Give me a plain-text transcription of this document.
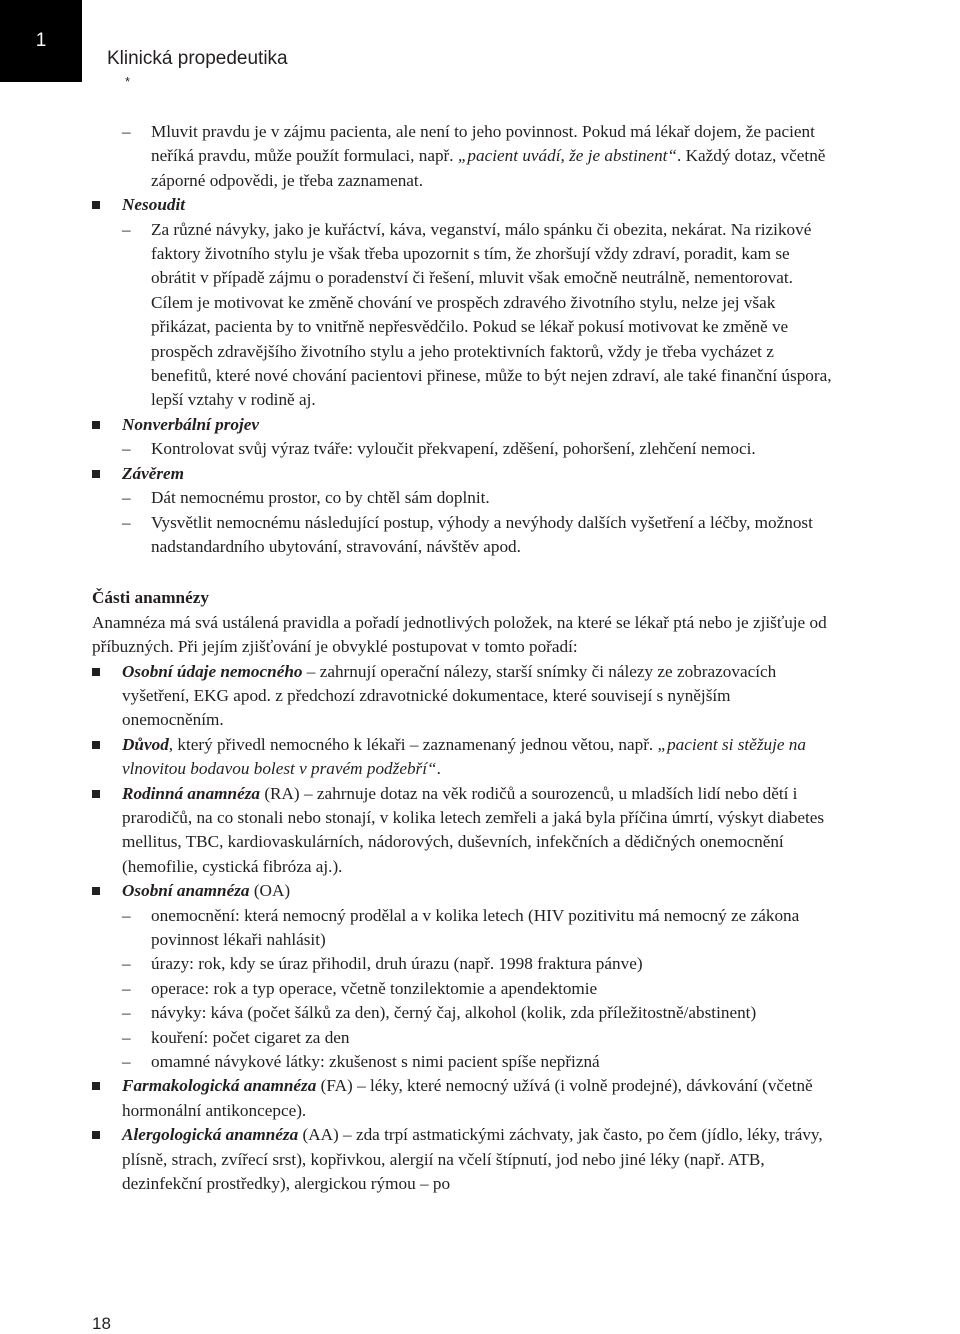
1
Klinická propedeutika
*
– Mluvit pravdu je v zájmu pacienta, ale není to jeho povinnost. Pokud má lékař dojem, že pacient neříká pravdu, může použít formulaci, např. „pacient uvádí, že je abstinent“. Každý dotaz, včetně záporné odpovědi, je třeba zaznamenat.

Nesoudit

– Za různé návyky, jako je kuřáctví, káva, veganství, málo spánku či obezita, nekárat. Na rizikové faktory životního stylu je však třeba upozornit s tím, že zhoršují vždy zdraví, poradit, kam se obrátit v případě zájmu o poradenství či řešení, mluvit však emočně neutrálně, nementorovat. Cílem je motivovat ke změně chování ve prospěch zdravého životního stylu, nelze jej však přikázat, pacienta by to vnitřně nepřesvědčilo. Pokud se lékař pokusí motivovat ke změně ve prospěch zdravějšího životního stylu a jeho protektivních faktorů, vždy je třeba vycházet z benefitů, které nové chování pacientovi přinese, může to být nejen zdraví, ale také finanční úspora, lepší vztahy v rodině aj.

Nonverbální projev

– Kontrolovat svůj výraz tváře: vyloučit překvapení, zděšení, pohoršení, zlehčení nemoci.

Závěrem

– Dát nemocnému prostor, co by chtěl sám doplnit.

– Vysvětlit nemocnému následující postup, výhody a nevýhody dalších vyšetření a léčby, možnost nadstandardního ubytování, stravování, návštěv apod.

Části anamnézy

Anamnéza má svá ustálená pravidla a pořadí jednotlivých položek, na které se lékař ptá nebo je zjišťuje od příbuzných. Při jejím zjišťování je obvyklé postupovat v tomto pořadí:

Osobní údaje nemocného – zahrnují operační nálezy, starší snímky či nálezy ze zobrazovacích vyšetření, EKG apod. z předchozí zdravotnické dokumentace, které souvisejí s nynějším onemocněním.

Důvod, který přivedl nemocného k lékaři – zaznamenaný jednou větou, např. „pacient si stěžuje na vlnovitou bodavou bolest v pravém podžebří“.

Rodinná anamnéza (RA) – zahrnuje dotaz na věk rodičů a sourozenců, u mladších lidí nebo dětí i prarodičů, na co stonali nebo stonají, v kolika letech zemřeli a jaká byla příčina úmrtí, výskyt diabetes mellitus, TBC, kardiovaskulárních, nádorových, duševních, infekčních a dědičných onemocnění (hemofilie, cystická fibróza aj.).

Osobní anamnéza (OA)

– onemocnění: která nemocný prodělal a v kolika letech (HIV pozitivitu má nemocný ze zákona povinnost lékaři nahlásit)

– úrazy: rok, kdy se úraz přihodil, druh úrazu (např. 1998 fraktura pánve)

– operace: rok a typ operace, včetně tonzilektomie a apendektomie

– návyky: káva (počet šálků za den), černý čaj, alkohol (kolik, zda příležitostně/abstinent)

– kouření: počet cigaret za den

– omamné návykové látky: zkušenost s nimi pacient spíše nepřizná

Farmakologická anamnéza (FA) – léky, které nemocný užívá (i volně prodejné), dávkování (včetně hormonální antikoncepce).

Alergologická anamnéza (AA) – zda trpí astmatickými záchvaty, jak často, po čem (jídlo, léky, trávy, plísně, strach, zvířecí srst), kopřivkou, alergií na včelí štípnutí, jod nebo jiné léky (např. ATB, dezinfekční prostředky), alergickou rýmou – po

18
